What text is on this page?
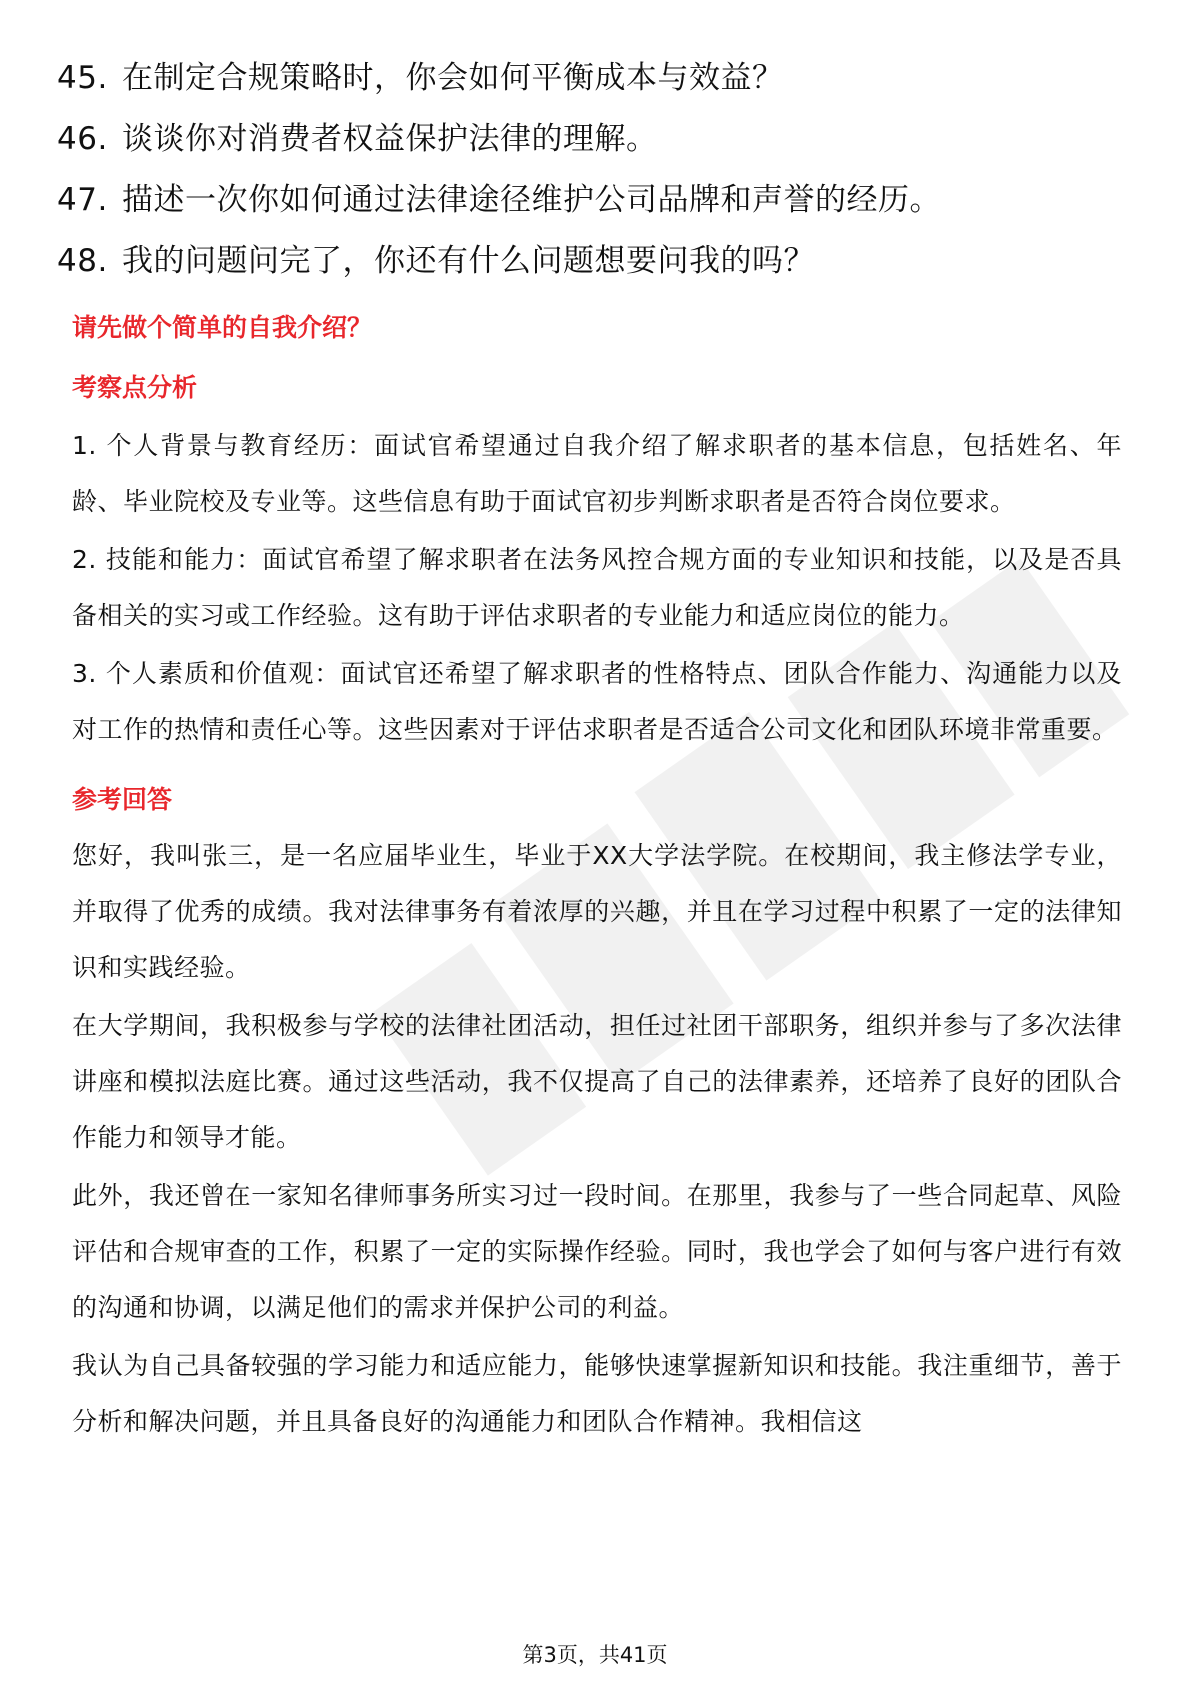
45. 在制定合规策略时，你会如何平衡成本与效益？
46. 谈谈你对消费者权益保护法律的理解。
47. 描述一次你如何通过法律途径维护公司品牌和声誉的经历。
48. 我的问题问完了，你还有什么问题想要问我的吗？
请先做个简单的自我介绍？
考察点分析

1. 个人背景与教育经历：面试官希望通过自我介绍了解求职者的基本信息，包括姓名、年龄、毕业院校及专业等。这些信息有助于面试官初步判断求职者是否符合岗位要求。

2. 技能和能力：面试官希望了解求职者在法务风控合规方面的专业知识和技能，以及是否具备相关的实习或工作经验。这有助于评估求职者的专业能力和适应岗位的能力。

3. 个人素质和价值观：面试官还希望了解求职者的性格特点、团队合作能力、沟通能力以及对工作的热情和责任心等。这些因素对于评估求职者是否适合公司文化和团队环境非常重要。

参考回答

您好，我叫张三，是一名应届毕业生，毕业于XX大学法学院。在校期间，我主修法学专业，并取得了优秀的成绩。我对法律事务有着浓厚的兴趣，并且在学习过程中积累了一定的法律知识和实践经验。

在大学期间，我积极参与学校的法律社团活动，担任过社团干部职务，组织并参与了多次法律讲座和模拟法庭比赛。通过这些活动，我不仅提高了自己的法律素养，还培养了良好的团队合作能力和领导才能。

此外，我还曾在一家知名律师事务所实习过一段时间。在那里，我参与了一些合同起草、风险评估和合规审查的工作，积累了一定的实际操作经验。同时，我也学会了如何与客户进行有效的沟通和协调，以满足他们的需求并保护公司的利益。

我认为自己具备较强的学习能力和适应能力，能够快速掌握新知识和技能。我注重细节，善于分析和解决问题，并且具备良好的沟通能力和团队合作精神。我相信这

第3页，共41页
